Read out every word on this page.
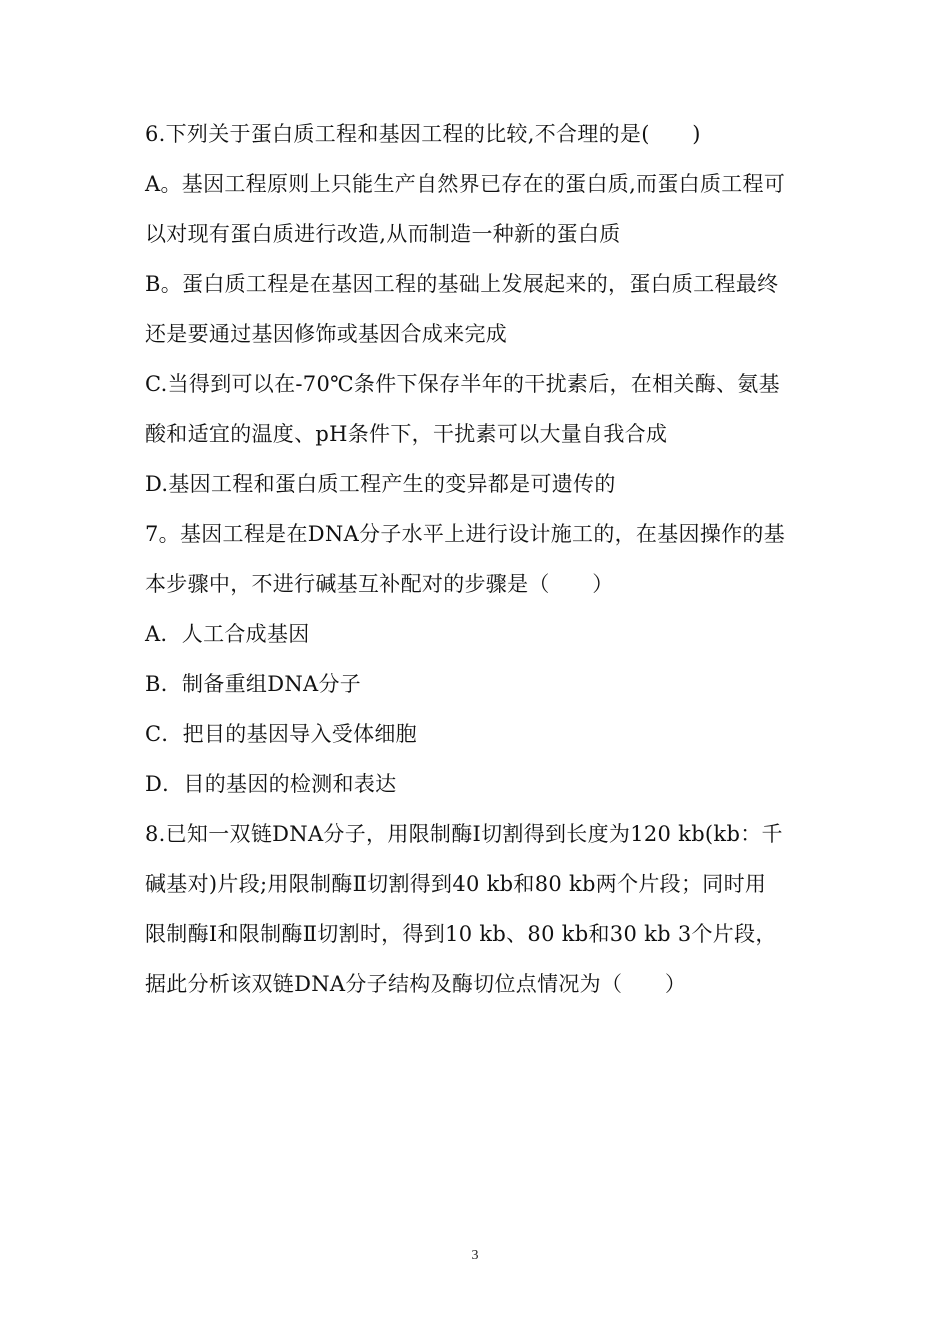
6.下列关于蛋白质工程和基因工程的比较,不合理的是(　　)
A。基因工程原则上只能生产自然界已存在的蛋白质,而蛋白质工程可
以对现有蛋白质进行改造,从而制造一种新的蛋白质
B。蛋白质工程是在基因工程的基础上发展起来的，蛋白质工程最终
还是要通过基因修饰或基因合成来完成
C.当得到可以在-70℃条件下保存半年的干扰素后，在相关酶、氨基
酸和适宜的温度、pH条件下，干扰素可以大量自我合成
D.基因工程和蛋白质工程产生的变异都是可遗传的
7。基因工程是在DNA分子水平上进行设计施工的，在基因操作的基
本步骤中，不进行碱基互补配对的步骤是（　　）
A．人工合成基因
B．制备重组DNA分子
C．把目的基因导入受体细胞
D．目的基因的检测和表达
8.已知一双链DNA分子，用限制酶Ⅰ切割得到长度为120 kb(kb：千
碱基对)片段;用限制酶Ⅱ切割得到40 kb和80 kb两个片段；同时用
限制酶Ⅰ和限制酶Ⅱ切割时，得到10 kb、80 kb和30 kb 3个片段，
据此分析该双链DNA分子结构及酶切位点情况为（　　）
3
